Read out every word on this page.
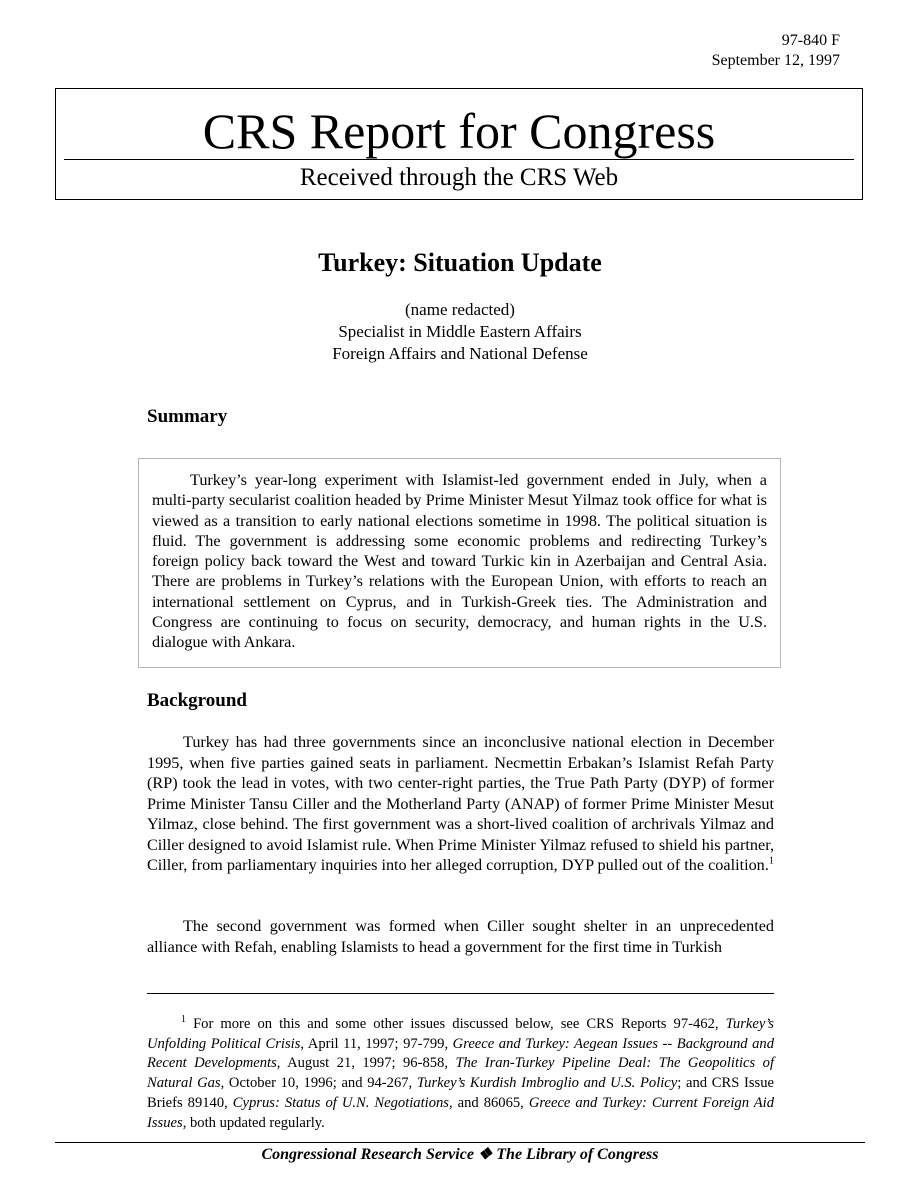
97-840 F
September 12, 1997
CRS Report for Congress
Received through the CRS Web
Turkey: Situation Update
(name redacted)
Specialist in Middle Eastern Affairs
Foreign Affairs and National Defense
Summary

Turkey’s year-long experiment with Islamist-led government ended in July, when a multi-party secularist coalition headed by Prime Minister Mesut Yilmaz took office for what is viewed as a transition to early national elections sometime in 1998. The political situation is fluid. The government is addressing some economic problems and redirecting Turkey’s foreign policy back toward the West and toward Turkic kin in Azerbaijan and Central Asia. There are problems in Turkey’s relations with the European Union, with efforts to reach an international settlement on Cyprus, and in Turkish-Greek ties. The Administration and Congress are continuing to focus on security, democracy, and human rights in the U.S. dialogue with Ankara.

Background

Turkey has had three governments since an inconclusive national election in December 1995, when five parties gained seats in parliament. Necmettin Erbakan’s Islamist Refah Party (RP) took the lead in votes, with two center-right parties, the True Path Party (DYP) of former Prime Minister Tansu Ciller and the Motherland Party (ANAP) of former Prime Minister Mesut Yilmaz, close behind. The first government was a short-lived coalition of archrivals Yilmaz and Ciller designed to avoid Islamist rule. When Prime Minister Yilmaz refused to shield his partner, Ciller, from parliamentary inquiries into her alleged corruption, DYP pulled out of the coalition.$^1$

The second government was formed when Ciller sought shelter in an unprecedented alliance with Refah, enabling Islamists to head a government for the first time in Turkish

$^1$ For more on this and some other issues discussed below, see CRS Reports 97-462, Turkey’s Unfolding Political Crisis, April 11, 1997; 97-799, Greece and Turkey: Aegean Issues -- Background and Recent Developments, August 21, 1997; 96-858, The Iran-Turkey Pipeline Deal: The Geopolitics of Natural Gas, October 10, 1996; and 94-267, Turkey’s Kurdish Imbroglio and U.S. Policy; and CRS Issue Briefs 89140, Cyprus: Status of U.N. Negotiations, and 86065, Greece and Turkey: Current Foreign Aid Issues, both updated regularly.

Congressional Research Service ❖ The Library of Congress
